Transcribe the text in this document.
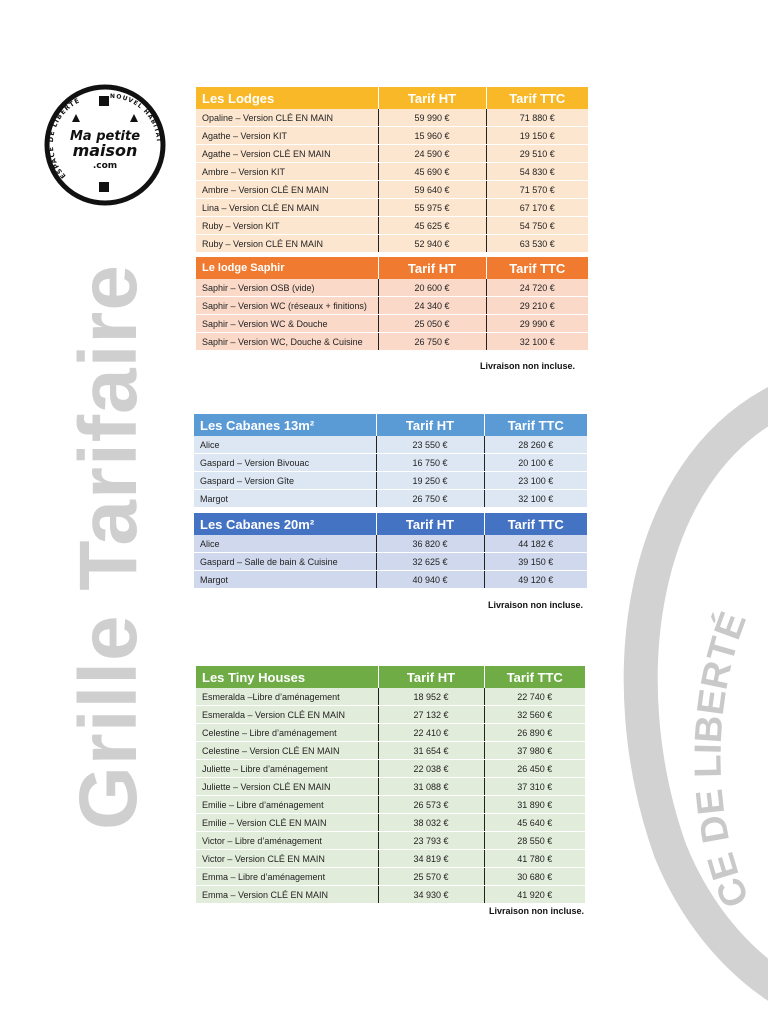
CE DE LIBERTÉ
Grille Tarifaire
ESPACE DE LIBERTÉ	NOUVEL HABITAT
Ma petite
maison
.com
Les Lodges	Tarif HT	Tarif TTC
Opaline – Version CLÉ EN MAIN	59 990 €	71 880 €
Agathe – Version KIT	15 960 €	19 150 €
Agathe – Version CLÉ EN MAIN	24 590 €	29 510 €
Ambre – Version KIT	45 690 €	54 830 €
Ambre – Version CLÉ EN MAIN	59 640 €	71 570 €
Lina – Version CLÉ EN MAIN	55 975 €	67 170 €
Ruby – Version KIT	45 625 €	54 750 €
Ruby – Version CLÉ EN MAIN	52 940 €	63 530 €
Le lodge Saphir	Tarif HT	Tarif TTC
Saphir – Version OSB (vide)	20 600 €	24 720 €
Saphir – Version WC (réseaux + finitions)	24 340 €	29 210 €
Saphir – Version WC & Douche	25 050 €	29 990 €
Saphir – Version WC, Douche & Cuisine	26 750 €	32 100 €
Livraison non incluse.
Les Cabanes 13m²	Tarif HT	Tarif TTC
Alice	23 550 €	28 260 €
Gaspard – Version Bivouac	16 750 €	20 100 €
Gaspard – Version Gîte	19 250 €	23 100 €
Margot	26 750 €	32 100 €
Les Cabanes 20m²	Tarif HT	Tarif TTC
Alice	36 820 €	44 182 €
Gaspard – Salle de bain & Cuisine	32 625 €	39 150 €
Margot	40 940 €	49 120 €
Livraison non incluse.
Les Tiny Houses	Tarif HT	Tarif TTC
Esmeralda –Libre d’aménagement	18 952 €	22 740 €
Esmeralda – Version CLÉ EN MAIN	27 132 €	32 560 €
Celestine – Libre d’aménagement	22 410 €	26 890 €
Celestine – Version CLÉ EN MAIN	31 654 €	37 980 €
Juliette – Libre d’aménagement	22 038 €	26 450 €
Juliette – Version CLÉ EN MAIN	31 088 €	37 310 €
Emilie – Libre d’aménagement	26 573 €	31 890 €
Emilie – Version CLÉ EN MAIN	38 032 €	45 640 €
Victor – Libre d’aménagement	23 793 €	28 550 €
Victor – Version CLÉ EN MAIN	34 819 €	41 780 €
Emma – Libre d’aménagement	25 570 €	30 680 €
Emma – Version CLÉ EN MAIN	34 930 €	41 920 €
Livraison non incluse.
